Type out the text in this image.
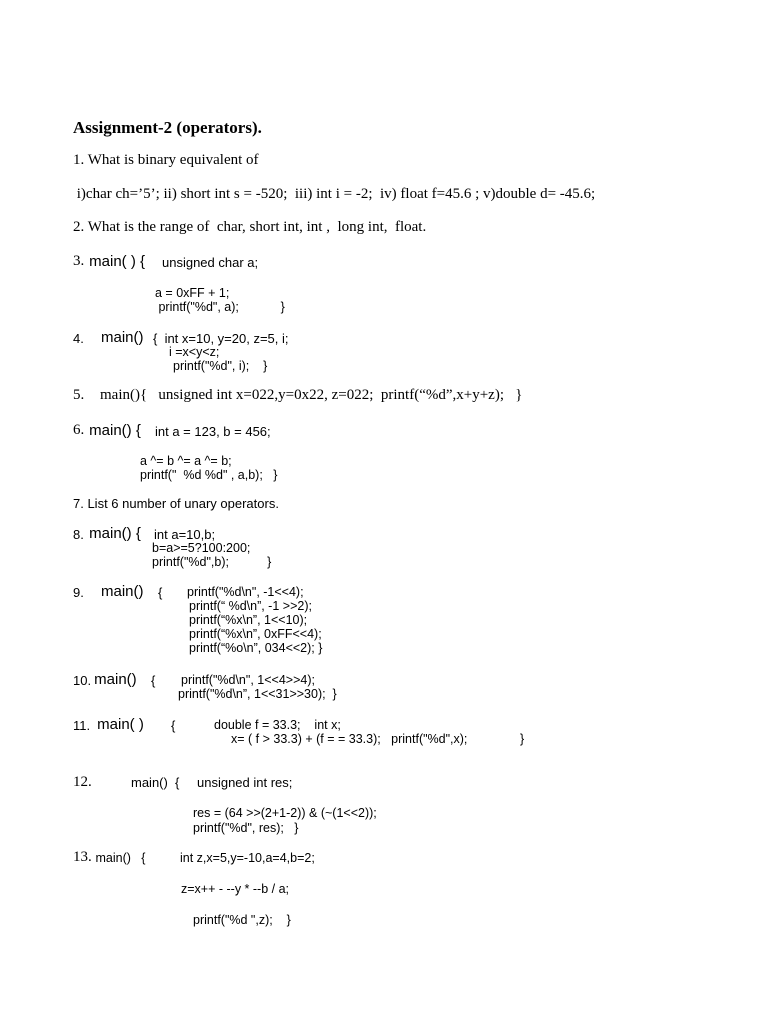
Assignment-2 (operators).
1. What is binary equivalent of
i)char ch=’5’; ii) short int s = -520;  iii) int i = -2;  iv) float f=45.6 ; v)double d= -45.6;
2. What is the range of  char, short int, int ,  long int,  float.
3. main( ) { unsigned char a;
a = 0xFF + 1;
printf("%d", a);            }
4. main() {  int x=10, y=20, z=5, i;
i =x<y<z;
printf("%d", i);    }
5. main(){   unsigned int x=022,y=0x22, z=022;  printf(“%d”,x+y+z);   }
6. main() { int a = 123, b = 456;
a ^= b ^= a ^= b;
printf("  %d %d" , a,b);   }
7. List 6 number of unary operators.
8. main() { int a=10,b;
b=a>=5?100:200;
printf("%d",b);           }
9. main() { printf("%d\n", -1<<4);
printf(“ %d\n”, -1 >>2);
printf(“%x\n”, 1<<10);
printf(“%x\n”, 0xFF<<4);
printf(“%o\n”, 034<<2); }
10.
main() { printf("%d\n", 1<<4>>4);
printf("%d\n”, 1<<31>>30);  }
11. main( ) {	double f = 33.3;    int x;
x= ( f > 33.3) + (f = = 33.3);   printf("%d",x);	}
12.	main()  { unsigned int res;
res = (64 >>(2+1-2)) & (~(1<<2));
printf("%d", res);   }
13. main()   {	int z,x=5,y=-10,a=4,b=2;
z=x++ - --y * --b / a;
printf("%d ",z);    }
